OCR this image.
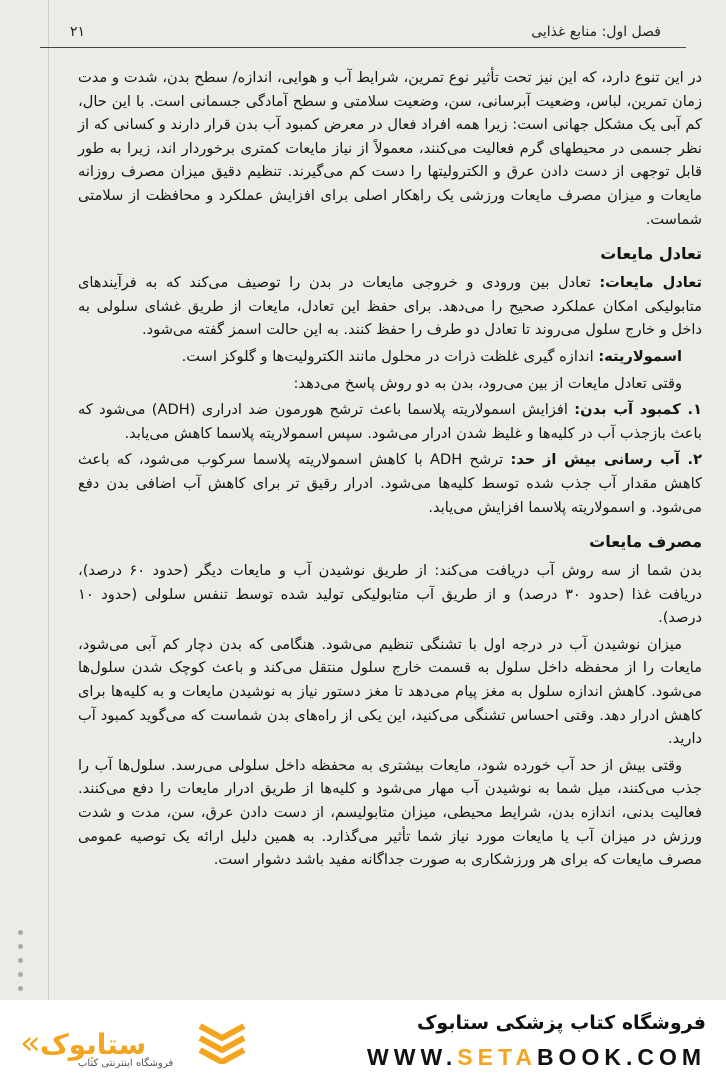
فصل اول: منابع غذایی
۲۱

در این تنوع دارد، که این نیز تحت تأثیر نوع تمرین، شرایط آب و هوایی، اندازه/ سطح بدن، شدت و مدت زمان تمرین، لباس، وضعیت آبرسانی، سن، وضعیت سلامتی و سطح آمادگی جسمانی است. با این حال، کم آبی یک مشکل جهانی است: زیرا همه افراد فعال در معرض کمبود آب بدن قرار دارند و کسانی که از نظر جسمی در محیطهای گرم فعالیت می‌کنند، معمولاً از نیاز مایعات کمتری برخوردار اند، زیرا به طور قابل توجهی از دست دادن عرق و الکترولیتها را دست کم می‌گیرند. تنظیم دقیق میزان مصرف روزانه مایعات و میزان مصرف مایعات ورزشی یک راهکار اصلی برای افزایش عملکرد و محافظت از سلامتی شماست.

تعادل مایعات

تعادل مایعات: تعادل بین ورودی و خروجی مایعات در بدن را توصیف می‌کند که به فرآیندهای متابولیکی امکان عملکرد صحیح را می‌دهد. برای حفظ این تعادل، مایعات از طریق غشای سلولی به داخل و خارج سلول می‌روند تا تعادل دو طرف را حفظ کنند. به این حالت اسمز گفته می‌شود.

اسمولاریته: اندازه گیری غلظت ذرات در محلول مانند الکترولیت‌ها و گلوکز است.

وقتی تعادل مایعات از بین می‌رود، بدن به دو روش پاسخ می‌دهد:

۱. کمبود آب بدن: افزایش اسمولاریته پلاسما باعث ترشح هورمون ضد ادراری (ADH) می‌شود که باعث بازجذب آب در کلیه‌ها و غلیظ شدن ادرار می‌شود. سپس اسمولاریته پلاسما کاهش می‌یابد.

۲. آب رسانی بیش از حد: ترشح ADH با کاهش اسمولاریته پلاسما سرکوب می‌شود، که باعث کاهش مقدار آب جذب شده توسط کلیه‌ها می‌شود. ادرار رقیق تر برای کاهش آب اضافی بدن دفع می‌شود. و اسمولاریته پلاسما افزایش می‌یابد.

مصرف مایعات

بدن شما از سه روش آب دریافت می‌کند: از طریق نوشیدن آب و مایعات دیگر (حدود ۶۰ درصد)، دریافت غذا (حدود ۳۰ درصد) و از طریق آب متابولیکی تولید شده توسط تنفس سلولی (حدود ۱۰ درصد).

میزان نوشیدن آب در درجه اول با تشنگی تنظیم می‌شود. هنگامی که بدن دچار کم آبی می‌شود، مایعات را از محفظه داخل سلول به قسمت خارج سلول منتقل می‌کند و باعث کوچک شدن سلول‌ها می‌شود. کاهش اندازه سلول به مغز پیام می‌دهد تا مغز دستور نیاز به نوشیدن مایعات و به کلیه‌ها برای کاهش ادرار دهد. وقتی احساس تشنگی می‌کنید، این یکی از راه‌های بدن شماست که می‌گوید کمبود آب دارید.

وقتی بیش از حد آب خورده شود، مایعات بیشتری به محفظه داخل سلولی می‌رسد. سلول‌ها آب را جذب می‌کنند، میل شما به نوشیدن آب مهار می‌شود و کلیه‌ها از طریق ادرار مایعات را دفع می‌کنند. فعالیت بدنی، اندازه بدن، شرایط محیطی، میزان متابولیسم، از دست دادن عرق، سن، مدت و شدت ورزش در میزان آب یا مایعات مورد نیاز شما تأثیر می‌گذارد. به همین دلیل ارائه یک توصیه عمومی مصرف مایعات که برای هر ورزشکاری به صورت جداگانه مفید باشد دشوار است.

« ستابوک
فروشگاه اینترنتی کتاب
فروشگاه کتاب پزشکی ستابوک
WWW.SETABOOK.COM
